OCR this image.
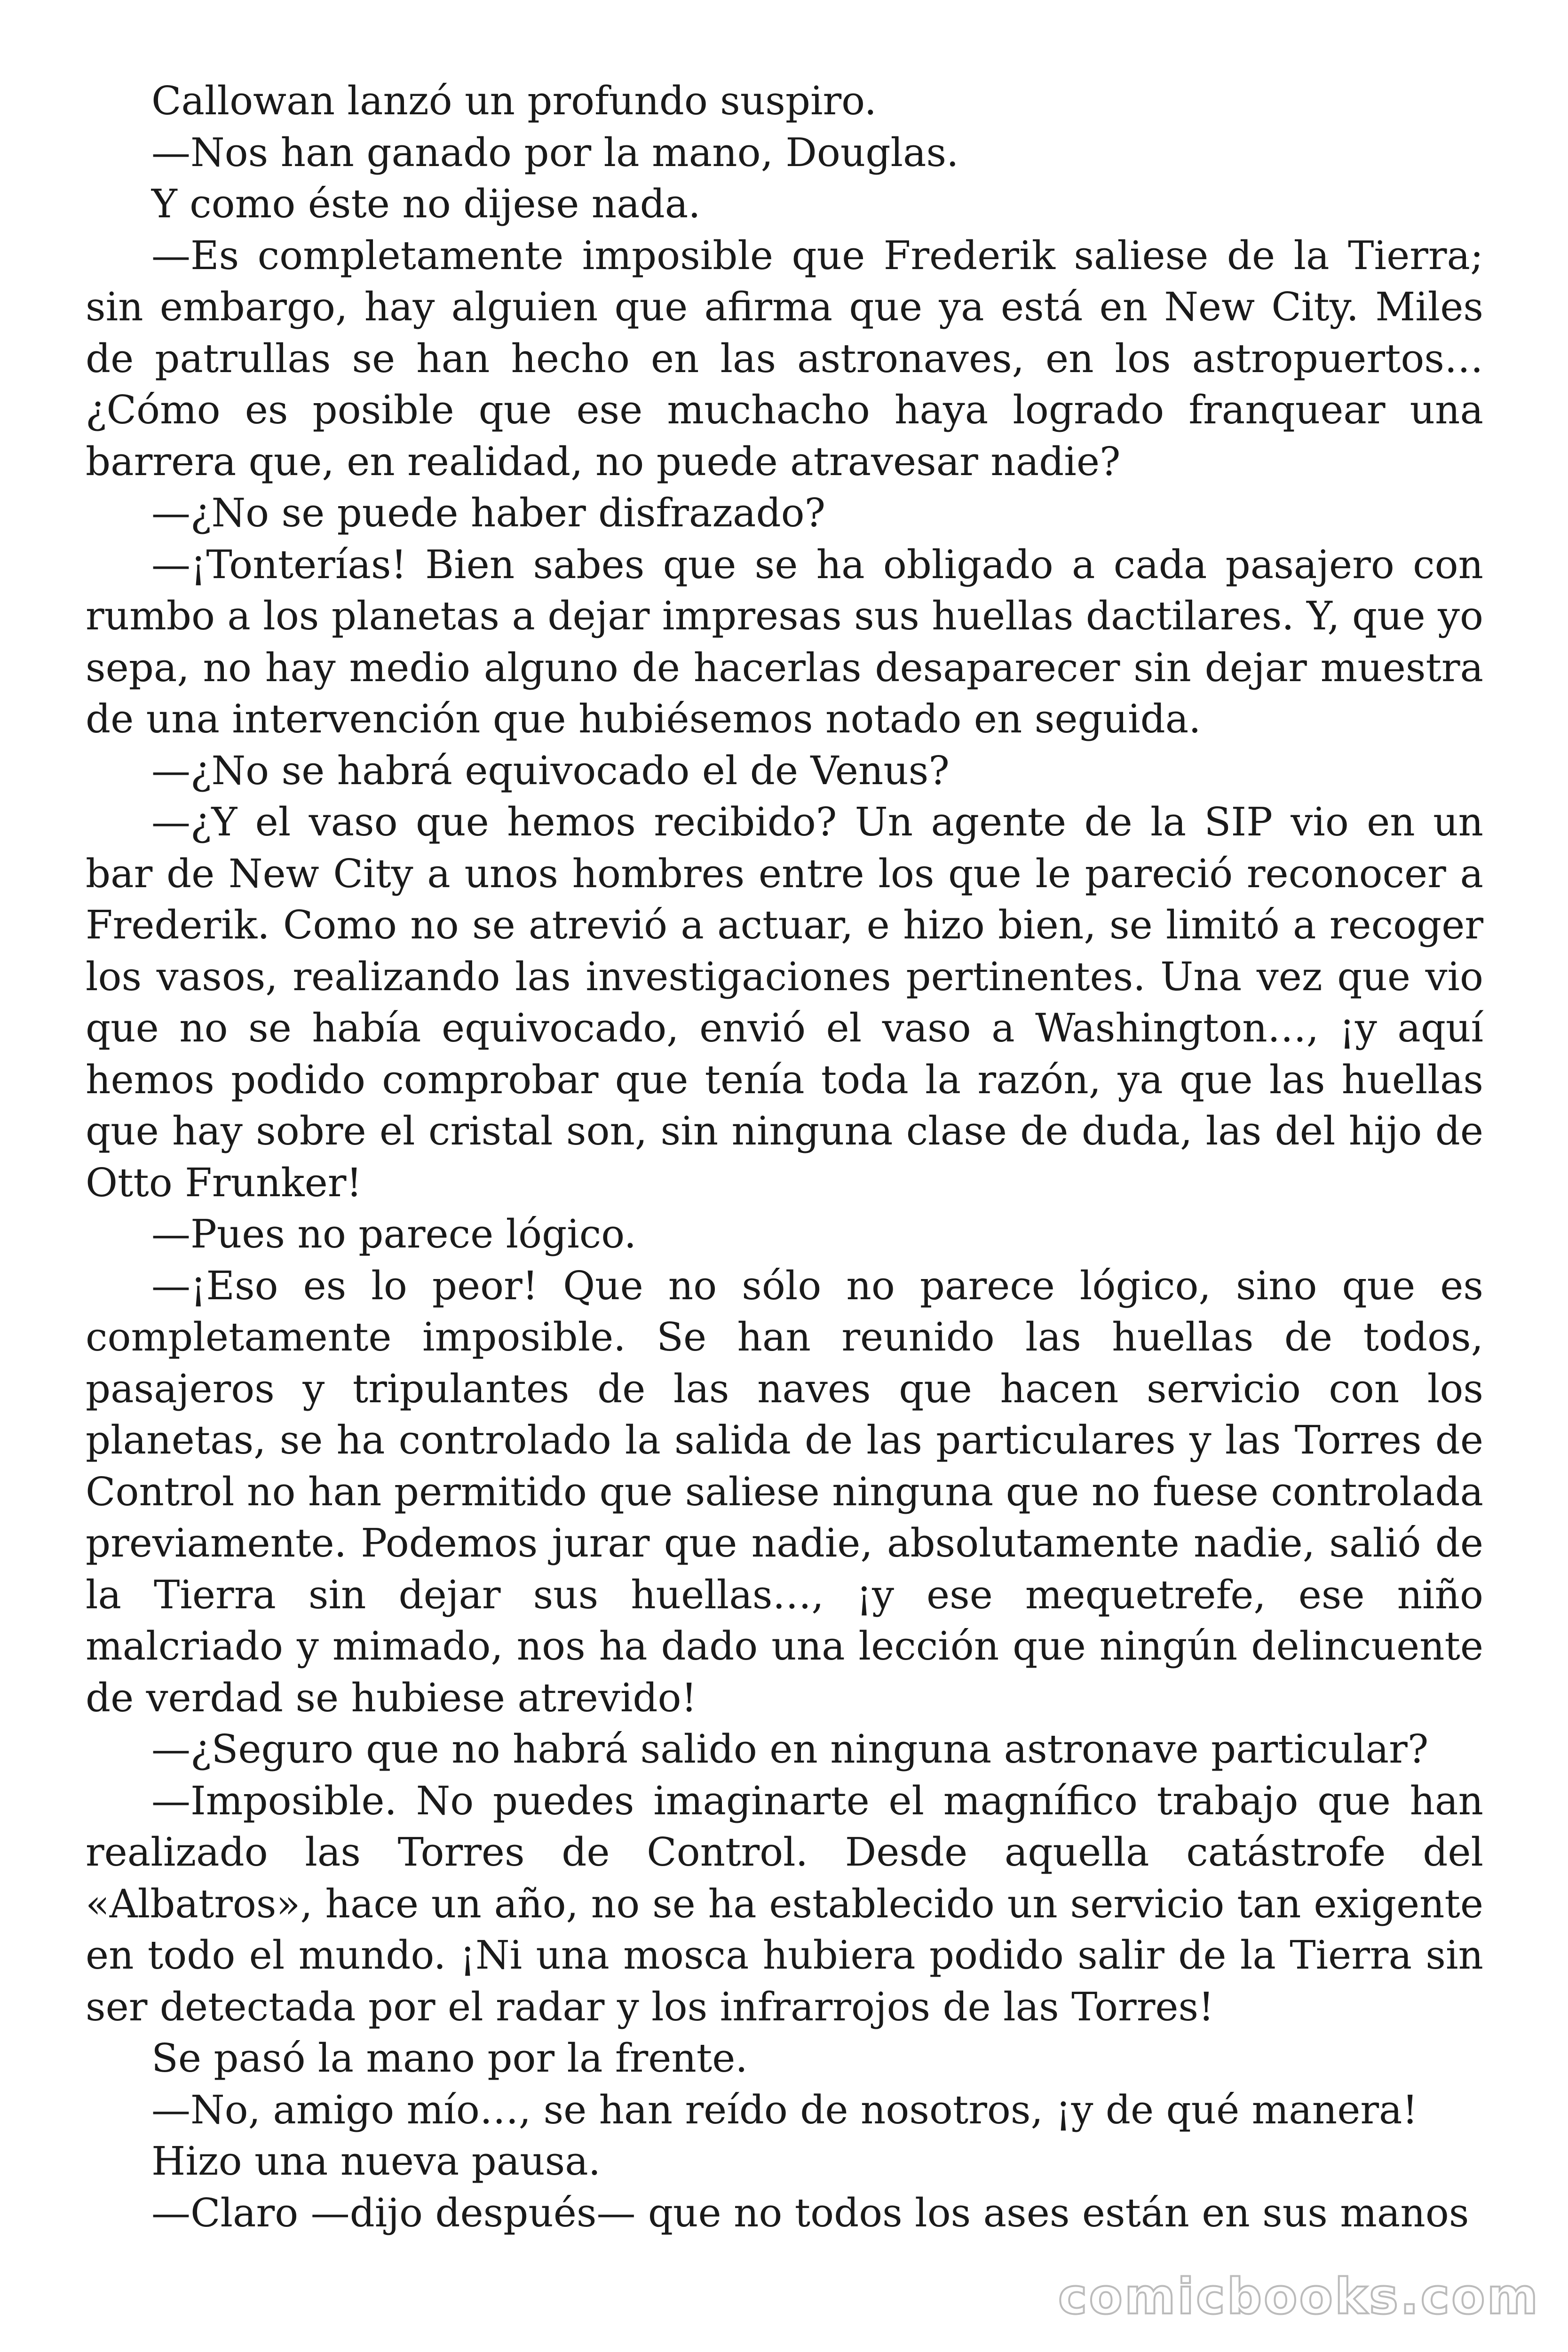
Callowan lanzó un profundo suspiro.

—Nos han ganado por la mano, Douglas.

Y como éste no dijese nada.

—Es completamente imposible que Frederik saliese de la Tierra; sin embargo, hay alguien que afirma que ya está en New City. Miles de patrullas se han hecho en las astronaves, en los astropuertos… ¿Cómo es posible que ese muchacho haya logrado franquear una barrera que, en realidad, no puede atravesar nadie?

—¿No se puede haber disfrazado?

—¡Tonterías! Bien sabes que se ha obligado a cada pasajero con rumbo a los planetas a dejar impresas sus huellas dactilares. Y, que yo sepa, no hay medio alguno de hacerlas desaparecer sin dejar muestra de una intervención que hubiésemos notado en seguida.

—¿No se habrá equivocado el de Venus?

—¿Y el vaso que hemos recibido? Un agente de la SIP vio en un bar de New City a unos hombres entre los que le pareció reconocer a Frederik. Como no se atrevió a actuar, e hizo bien, se limitó a recoger los vasos, realizando las investigaciones pertinentes. Una vez que vio que no se había equivocado, envió el vaso a Washington…, ¡y aquí hemos podido comprobar que tenía toda la razón, ya que las huellas que hay sobre el cristal son, sin ninguna clase de duda, las del hijo de Otto Frunker!

—Pues no parece lógico.

—¡Eso es lo peor! Que no sólo no parece lógico, sino que es completamente imposible. Se han reunido las huellas de todos, pasajeros y tripulantes de las naves que hacen servicio con los planetas, se ha controlado la salida de las particulares y las Torres de Control no han permitido que saliese ninguna que no fuese controlada previamente. Podemos jurar que nadie, absolutamente nadie, salió de la Tierra sin dejar sus huellas…, ¡y ese mequetrefe, ese niño malcriado y mimado, nos ha dado una lección que ningún delincuente de verdad se hubiese atrevido!

—¿Seguro que no habrá salido en ninguna astronave particular?

—Imposible. No puedes imaginarte el magnífico trabajo que han realizado las Torres de Control. Desde aquella catástrofe del «Albatros», hace un año, no se ha establecido un servicio tan exigente en todo el mundo. ¡Ni una mosca hubiera podido salir de la Tierra sin ser detectada por el radar y los infrarrojos de las Torres!

Se pasó la mano por la frente.

—No, amigo mío…, se han reído de nosotros, ¡y de qué manera!

Hizo una nueva pausa.

—Claro —dijo después— que no todos los ases están en sus manos

comicbooks.com
